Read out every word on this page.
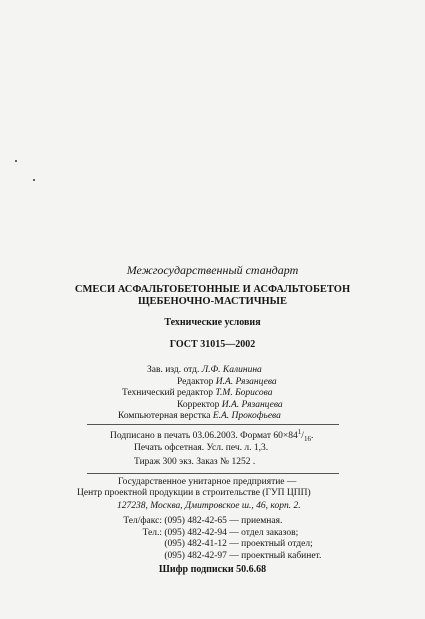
Межгосударственный стандарт
СМЕСИ АСФАЛЬТОБЕТОННЫЕ И АСФАЛЬТОБЕТОН
ЩЕБЕНОЧНО-МАСТИЧНЫЕ
Технические условия
ГОСТ 31015—2002
Зав. изд. отд. Л.Ф. Калинина
Редактор И.А. Рязанцева
Технический редактор Т.М. Борисова
Корректор И.А. Рязанцева
Компьютерная верстка Е.А. Прокофьева
Подписано в печать 03.06.2003. Формат $60\times 84^1/_{16}$.
Печать офсетная. Усл. печ. л. 1,3.
Тираж 300 экз. Заказ № 1252 .
Государственное унитарное предприятие —
Центр проектной продукции в строительстве (ГУП ЦПП)
127238, Москва, Дмитровское ш., 46, корп. 2.
Тел/факс: (095) 482-42-65 — приемная.
Тел.: (095) 482-42-94 — отдел заказов;
(095) 482-41-12 — проектный отдел;
(095) 482-42-97 — проектный кабинет.
Шифр подписки 50.6.68
